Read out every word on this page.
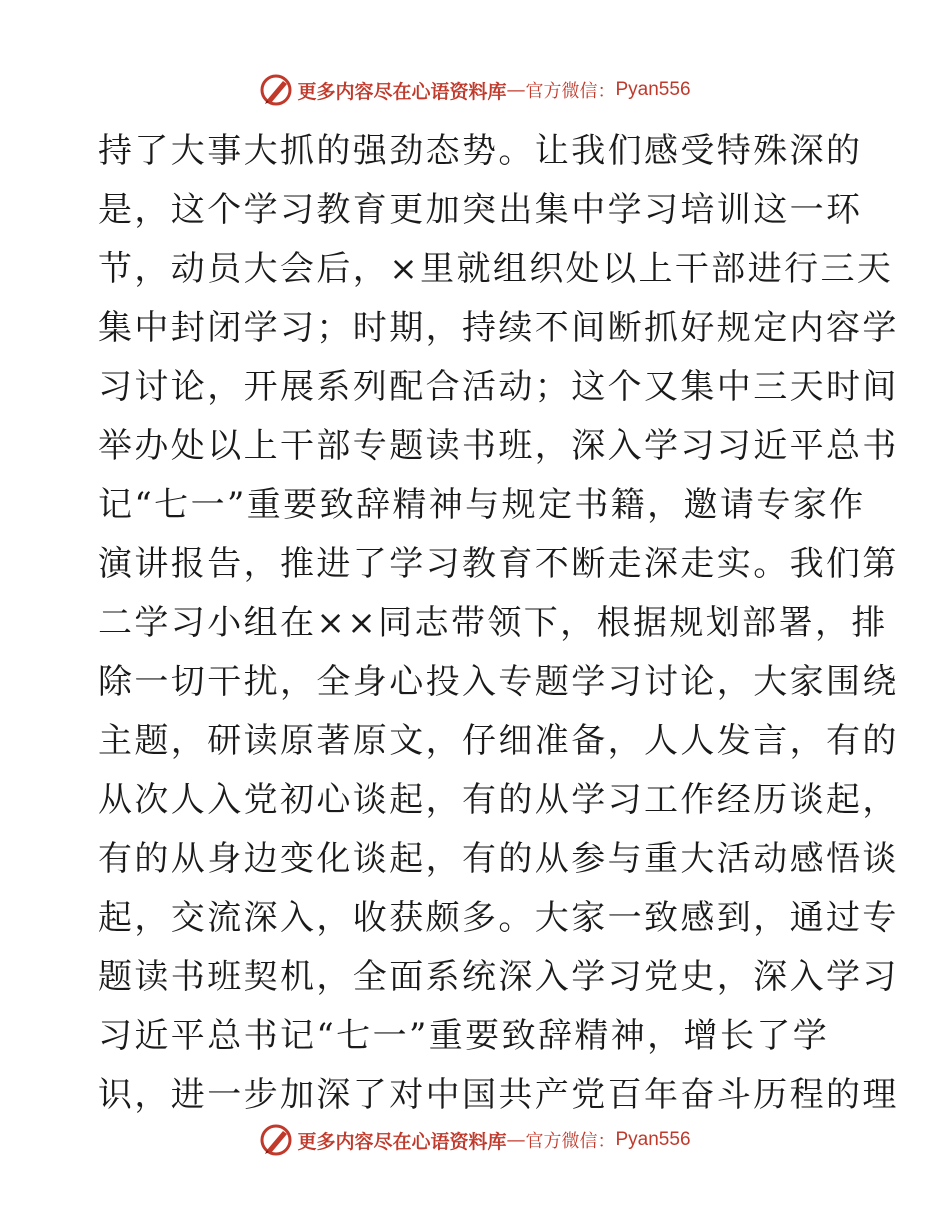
更多内容尽在心语资料库 — 官方微信： Pyan556
持了大事大抓的强劲态势。让我们感受特殊深的
是，这个学习教育更加突出集中学习培训这一环
节，动员大会后，×里就组织处以上干部进行三天
集中封闭学习；时期，持续不间断抓好规定内容学
习讨论，开展系列配合活动；这个又集中三天时间
举办处以上干部专题读书班，深入学习习近平总书
记“七一”重要致辞精神与规定书籍，邀请专家作
演讲报告，推进了学习教育不断走深走实。我们第
二学习小组在××同志带领下，根据规划部署，排
除一切干扰，全身心投入专题学习讨论，大家围绕
主题，研读原著原文，仔细准备，人人发言，有的
从次人入党初心谈起，有的从学习工作经历谈起，
有的从身边变化谈起，有的从参与重大活动感悟谈
起，交流深入，收获颇多。大家一致感到，通过专
题读书班契机，全面系统深入学习党史，深入学习
习近平总书记“七一”重要致辞精神，增长了学
识，进一步加深了对中国共产党百年奋斗历程的理
更多内容尽在心语资料库 — 官方微信： Pyan556
